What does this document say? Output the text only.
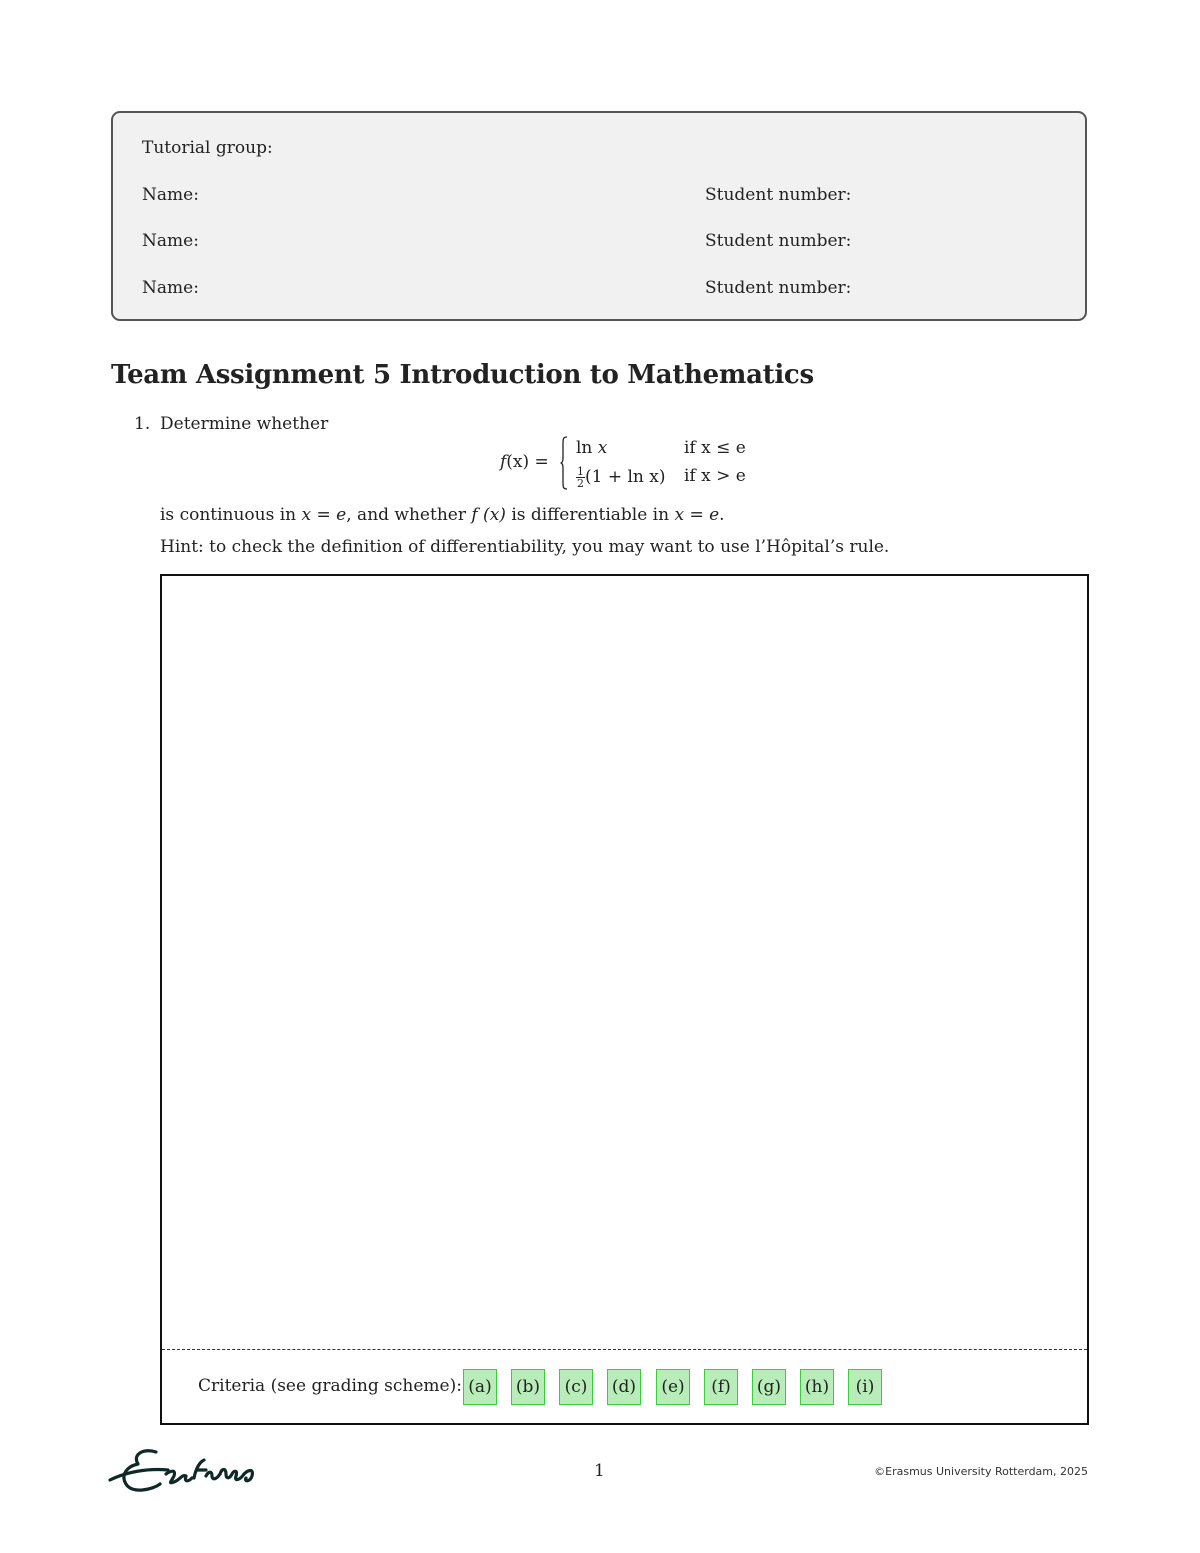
Tutorial group:
Name:	Student number:
Name:	Student number:
Name:	Student number:
Team Assignment 5 Introduction to Mathematics
1. Determine whether
f(x) =
ln x
$\frac{1}{2} (1 + \ln x)$
if x ≤ e
if x > e
is continuous in x = e, and whether f (x) is differentiable in x = e.
Hint: to check the definition of differentiability, you may want to use l’Hôpital’s rule.
Criteria (see grading scheme): (a)	(b)	(c)	(d)	(e)	(f)	(g) (h)	(i)
1	©Erasmus University Rotterdam, 2025
